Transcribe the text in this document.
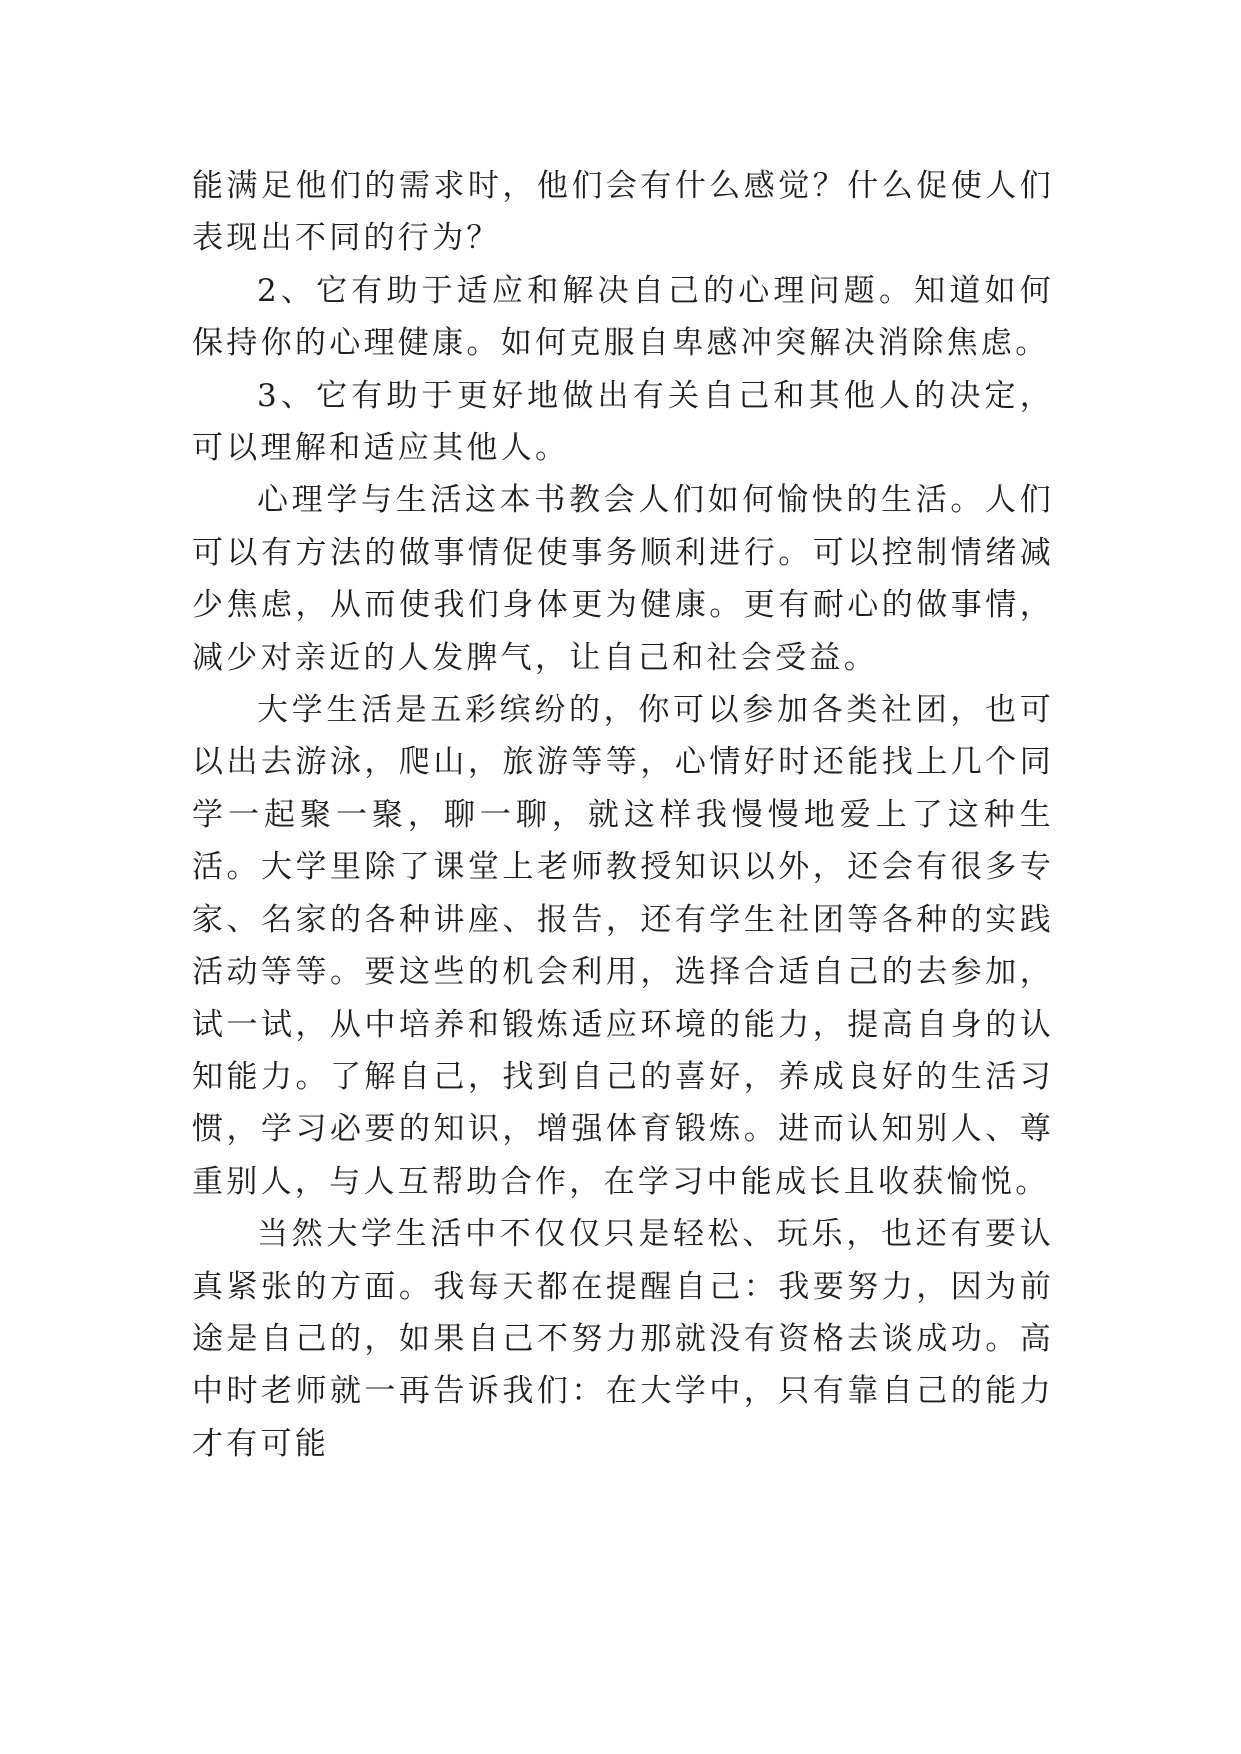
能满足他们的需求时，他们会有什么感觉？什么促使人们表现出不同的行为？

2、它有助于适应和解决自己的心理问题。知道如何保持你的心理健康。如何克服自卑感冲突解决消除焦虑。

3、它有助于更好地做出有关自己和其他人的决定，可以理解和适应其他人。

心理学与生活这本书教会人们如何愉快的生活。人们可以有方法的做事情促使事务顺利进行。可以控制情绪减少焦虑，从而使我们身体更为健康。更有耐心的做事情，减少对亲近的人发脾气，让自己和社会受益。

大学生活是五彩缤纷的，你可以参加各类社团，也可以出去游泳，爬山，旅游等等，心情好时还能找上几个同学一起聚一聚，聊一聊，就这样我慢慢地爱上了这种生活。大学里除了课堂上老师教授知识以外，还会有很多专家、名家的各种讲座、报告，还有学生社团等各种的实践活动等等。要这些的机会利用，选择合适自己的去参加，试一试，从中培养和锻炼适应环境的能力，提高自身的认知能力。了解自己，找到自己的喜好，养成良好的生活习惯，学习必要的知识，增强体育锻炼。进而认知别人、尊重别人，与人互帮助合作，在学习中能成长且收获愉悦。

当然大学生活中不仅仅只是轻松、玩乐，也还有要认真紧张的方面。我每天都在提醒自己：我要努力，因为前途是自己的，如果自己不努力那就没有资格去谈成功。高中时老师就一再告诉我们：在大学中，只有靠自己的能力才有可能
